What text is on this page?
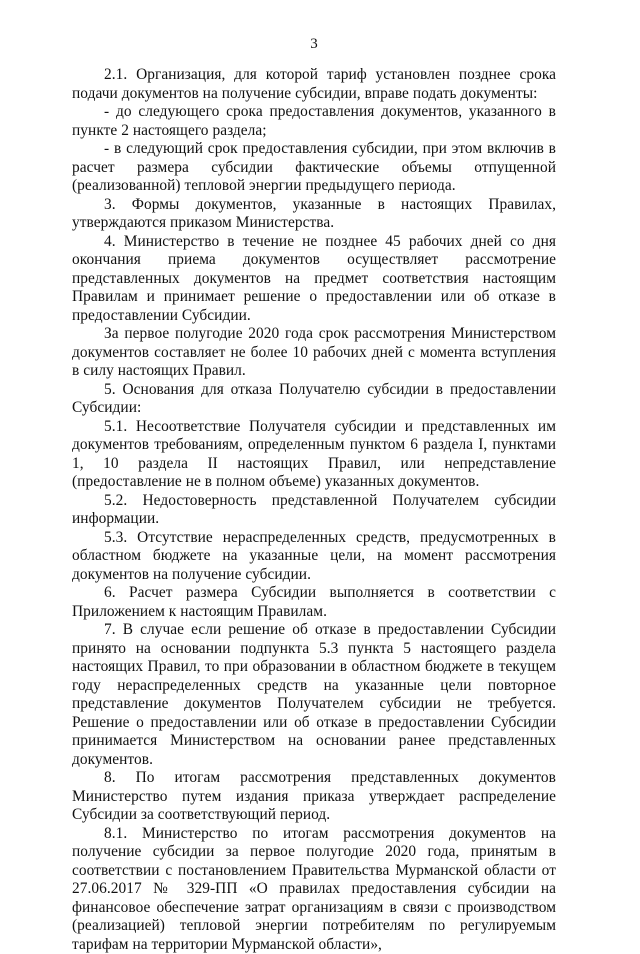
3

2.1. Организация, для которой тариф установлен позднее срока подачи документов на получение субсидии, вправе подать документы:

- до следующего срока предоставления документов, указанного в пункте 2 настоящего раздела;

- в следующий срок предоставления субсидии, при этом включив в расчет размера субсидии фактические объемы отпущенной (реализованной) тепловой энергии предыдущего периода.

3. Формы документов, указанные в настоящих Правилах, утверждаются приказом Министерства.

4. Министерство в течение не позднее 45 рабочих дней со дня окончания приема документов осуществляет рассмотрение представленных документов на предмет соответствия настоящим Правилам и принимает решение о предоставлении или об отказе в предоставлении Субсидии.

За первое полугодие 2020 года срок рассмотрения Министерством документов составляет не более 10 рабочих дней с момента вступления в силу настоящих Правил.

5. Основания для отказа Получателю субсидии в предоставлении Субсидии:

5.1. Несоответствие Получателя субсидии и представленных им документов требованиям, определенным пунктом 6 раздела I, пунктами 1, 10 раздела II настоящих Правил, или непредставление (предоставление не в полном объеме) указанных документов.

5.2. Недостоверность представленной Получателем субсидии информации.

5.3. Отсутствие нераспределенных средств, предусмотренных в областном бюджете на указанные цели, на момент рассмотрения документов на получение субсидии.

6. Расчет размера Субсидии выполняется в соответствии с Приложением к настоящим Правилам.

7. В случае если решение об отказе в предоставлении Субсидии принято на основании подпункта 5.3 пункта 5 настоящего раздела настоящих Правил, то при образовании в областном бюджете в текущем году нераспределенных средств на указанные цели повторное представление документов Получателем субсидии не требуется. Решение о предоставлении или об отказе в предоставлении Субсидии принимается Министерством на основании ранее представленных документов.

8. По итогам рассмотрения представленных документов Министерство путем издания приказа утверждает распределение Субсидии за соответствующий период.

8.1. Министерство по итогам рассмотрения документов на получение субсидии за первое полугодие 2020 года, принятым в соответствии с постановлением Правительства Мурманской области от 27.06.2017 № 329-ПП «О правилах предоставления субсидии на финансовое обеспечение затрат организациям в связи с производством (реализацией) тепловой энергии потребителям по регулируемым тарифам на территории Мурманской области»,
